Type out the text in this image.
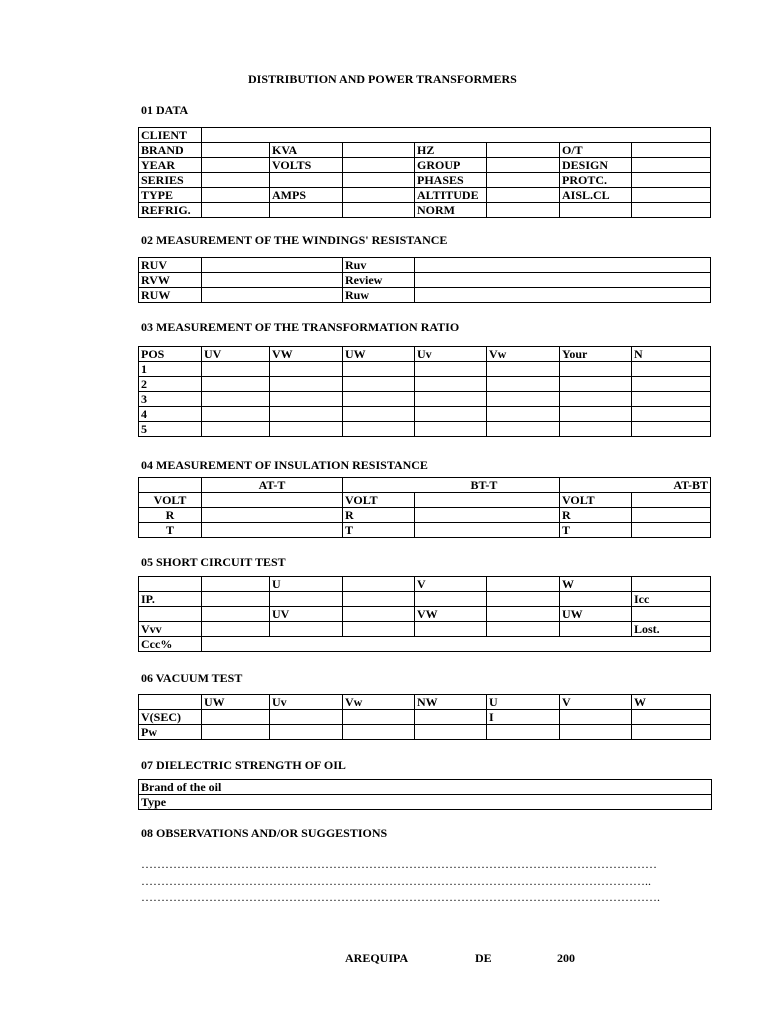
DISTRIBUTION AND POWER TRANSFORMERS
01 DATA
CLIENT							
BRAND		KVA		HZ		O/T	
YEAR		VOLTS		GROUP		DESIGN	
SERIES				PHASES		PROTC.	
TYPE		AMPS		ALTITUDE		AISL.CL	
REFRIG.				NORM			
02 MEASUREMENT OF THE WINDINGS' RESISTANCE
RUV		Ruv	
RVW		Review	
RUW		Ruw	
03 MEASUREMENT OF THE TRANSFORMATION RATIO
POS	UV	VW	UW	Uv	Vw	Your	N
1							
2							
3							
4							
5							
04 MEASUREMENT OF INSULATION RESISTANCE
	AT-T		BT-T		AT-BT
VOLT		VOLT		VOLT	
R		R		R	
T		T		T	
05 SHORT CIRCUIT TEST
		U		V		W	
IP.							Icc
		UV		VW		UW	
Vvv							Lost.
Ccc%							
06 VACUUM TEST
	UW	Uv	Vw	NW	U	V	W
V(SEC)					I		
Pw							
07 DIELECTRIC STRENGTH OF OIL
Brand of the oil
Type
08 OBSERVATIONS AND/OR SUGGESTIONS
…………………………………………………………………………………………………………………
………………………………………………………………………………………………………………..
………………………………………………………………………………………………………………….
AREQUIPA	DE	200
